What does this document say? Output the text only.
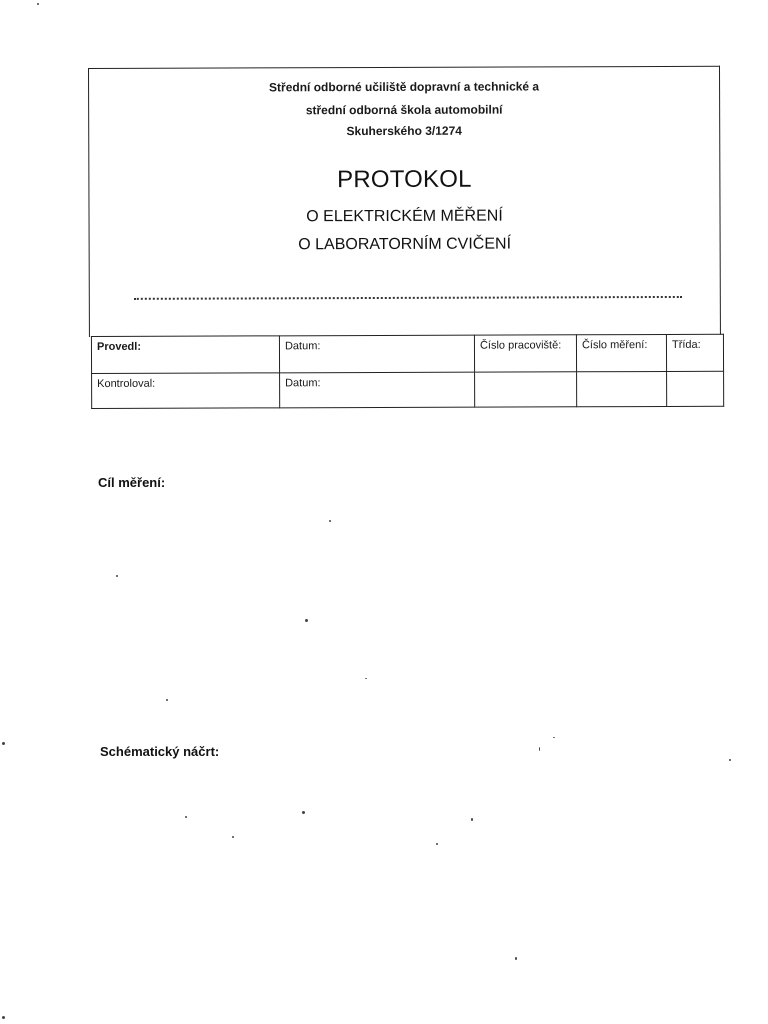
Střední odborné učiliště dopravní a technické a
střední odborná škola automobilní
Skuherského 3/1274
PROTOKOL
O ELEKTRICKÉM MĚŘENÍ
O LABORATORNÍM CVIČENÍ
Provedl:	Datum:	Číslo pracoviště:	Číslo měření:	Třída:

Kontroloval:	Datum:			

Cíl měření:
Schématický náčrt:
